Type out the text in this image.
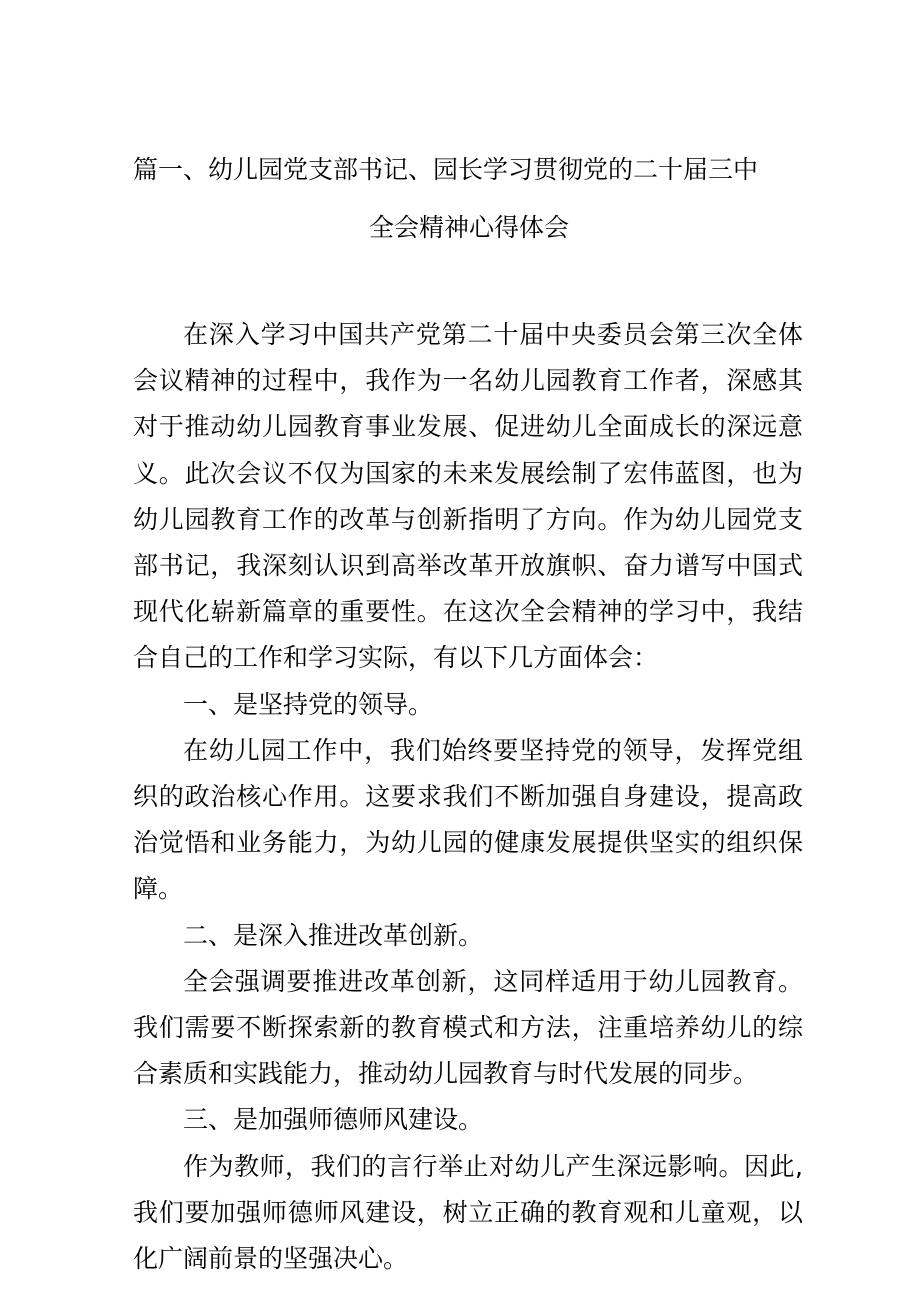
篇一、幼儿园党支部书记、园长学习贯彻党的二十届三中
全会精神心得体会

在深入学习中国共产党第二十届中央委员会第三次全体会议精神的过程中，我作为一名幼儿园教育工作者，深感其对于推动幼儿园教育事业发展、促进幼儿全面成长的深远意义。此次会议不仅为国家的未来发展绘制了宏伟蓝图，也为幼儿园教育工作的改革与创新指明了方向。作为幼儿园党支部书记，我深刻认识到高举改革开放旗帜、奋力谱写中国式现代化崭新篇章的重要性。在这次全会精神的学习中，我结合自己的工作和学习实际，有以下几方面体会：

一、是坚持党的领导。

在幼儿园工作中，我们始终要坚持党的领导，发挥党组织的政治核心作用。这要求我们不断加强自身建设，提高政治觉悟和业务能力，为幼儿园的健康发展提供坚实的组织保障。

二、是深入推进改革创新。

全会强调要推进改革创新，这同样适用于幼儿园教育。我们需要不断探索新的教育模式和方法，注重培养幼儿的综合素质和实践能力，推动幼儿园教育与时代发展的同步。

三、是加强师德师风建设。

作为教师，我们的言行举止对幼儿产生深远影响。因此,我们要加强师德师风建设，树立正确的教育观和儿童观，以化广阔前景的坚强决心。
